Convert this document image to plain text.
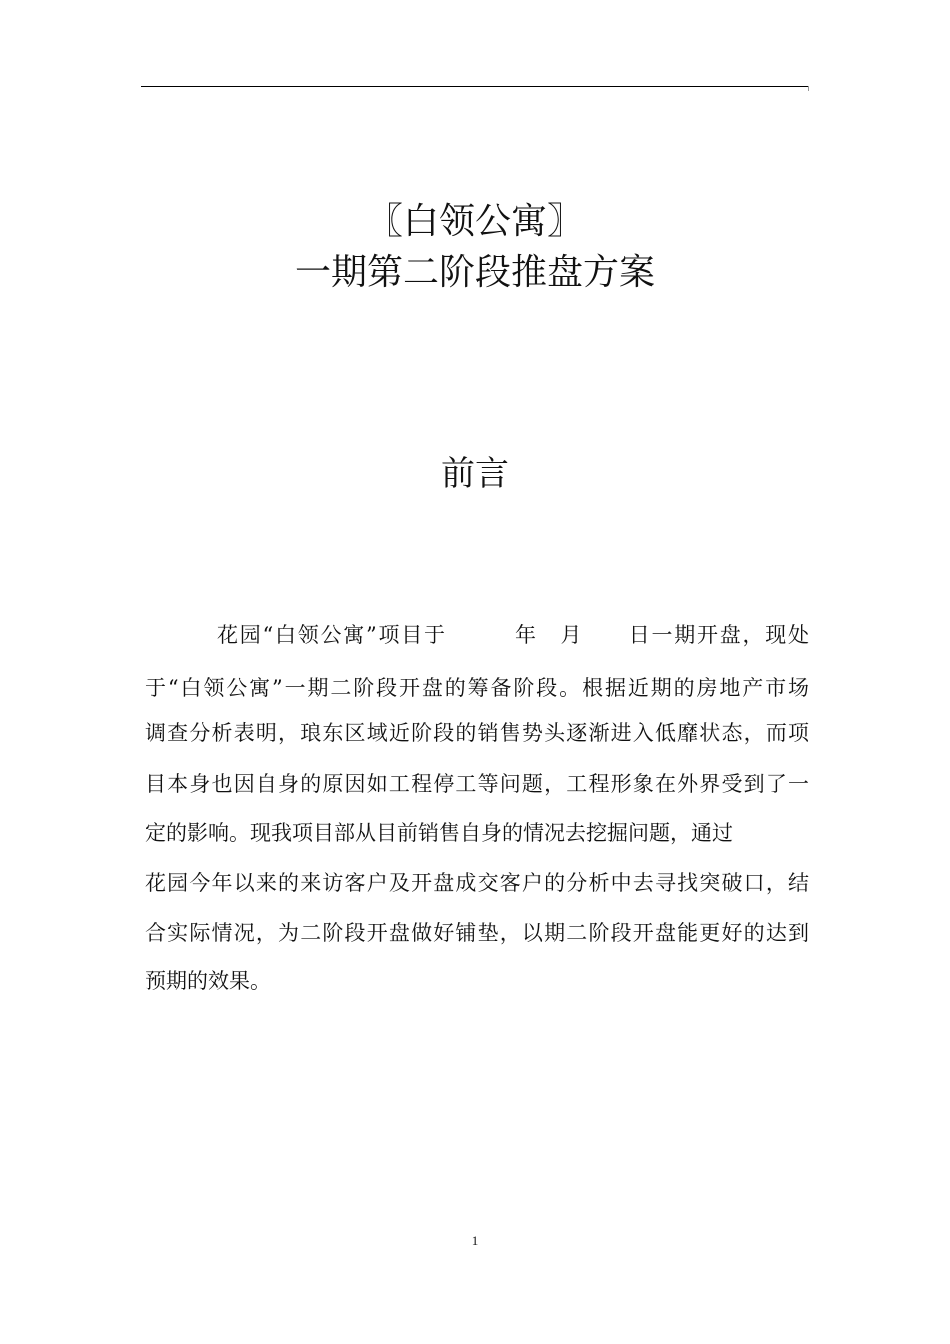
〖白领公寓〗
一期第二阶段推盘方案
前言
花园“白领公寓”项目于　　　年　月　　日一期开盘，现处
于“白领公寓”一期二阶段开盘的筹备阶段。根据近期的房地产市场
调查分析表明，琅东区域近阶段的销售势头逐渐进入低靡状态，而项
目本身也因自身的原因如工程停工等问题，工程形象在外界受到了一
定的影响。现我项目部从目前销售自身的情况去挖掘问题，通过
花园今年以来的来访客户及开盘成交客户的分析中去寻找突破口，结
合实际情况，为二阶段开盘做好铺垫，以期二阶段开盘能更好的达到
预期的效果。
1
